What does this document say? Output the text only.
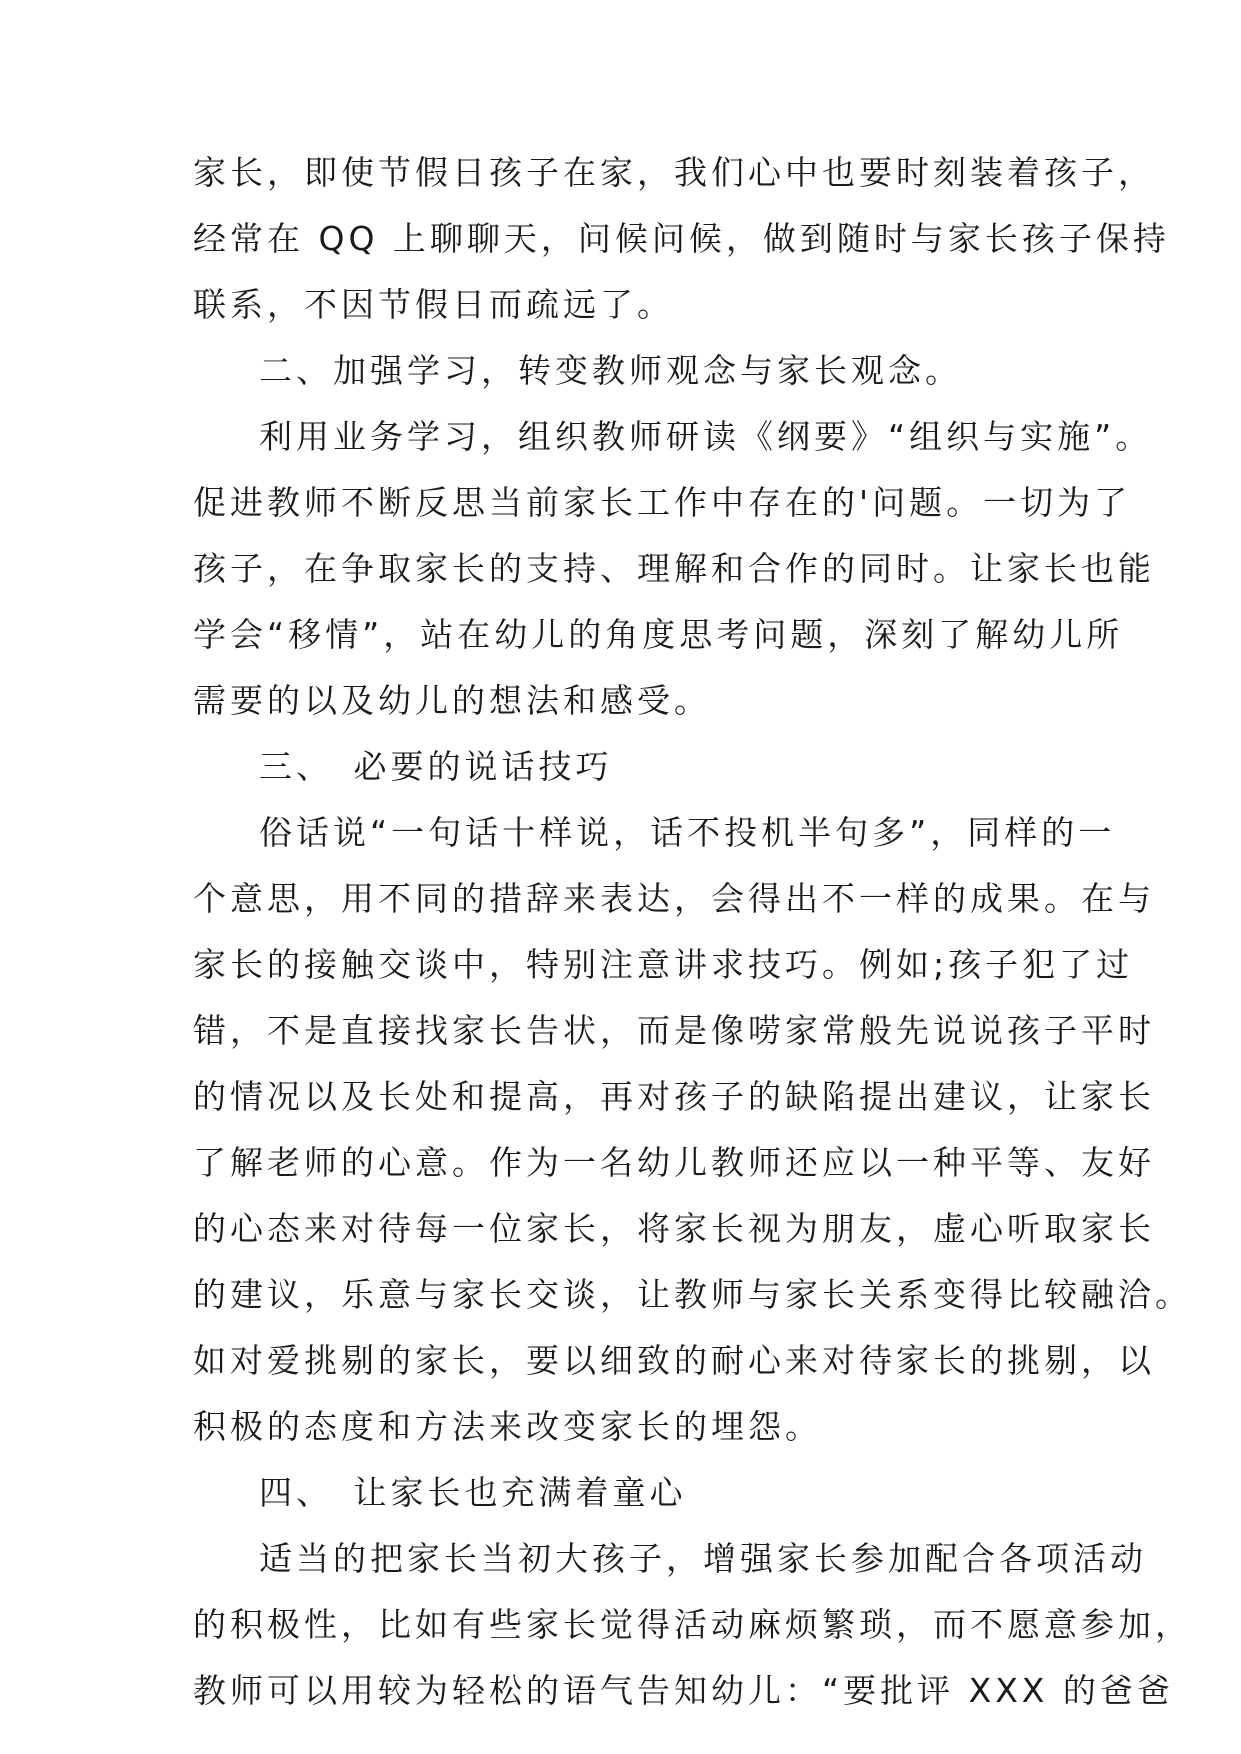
家长，即使节假日孩子在家，我们心中也要时刻装着孩子，
经常在 QQ 上聊聊天，问候问候，做到随时与家长孩子保持
联系，不因节假日而疏远了。
二、加强学习，转变教师观念与家长观念。
利用业务学习，组织教师研读《纲要》“组织与实施”。
促进教师不断反思当前家长工作中存在的'问题。一切为了
孩子，在争取家长的支持、理解和合作的同时。让家长也能
学会“移情”，站在幼儿的角度思考问题，深刻了解幼儿所
需要的以及幼儿的想法和感受。
三、　必要的说话技巧
俗话说“一句话十样说，话不投机半句多”，同样的一
个意思，用不同的措辞来表达，会得出不一样的成果。在与
家长的接触交谈中，特别注意讲求技巧。例如;孩子犯了过
错，不是直接找家长告状，而是像唠家常般先说说孩子平时
的情况以及长处和提高，再对孩子的缺陷提出建议，让家长
了解老师的心意。作为一名幼儿教师还应以一种平等、友好
的心态来对待每一位家长，将家长视为朋友，虚心听取家长
的建议，乐意与家长交谈，让教师与家长关系变得比较融洽。
如对爱挑剔的家长，要以细致的耐心来对待家长的挑剔，以
积极的态度和方法来改变家长的埋怨。
四、　让家长也充满着童心
适当的把家长当初大孩子，增强家长参加配合各项活动
的积极性，比如有些家长觉得活动麻烦繁琐，而不愿意参加，
教师可以用较为轻松的语气告知幼儿：“要批评 XXX 的爸爸
